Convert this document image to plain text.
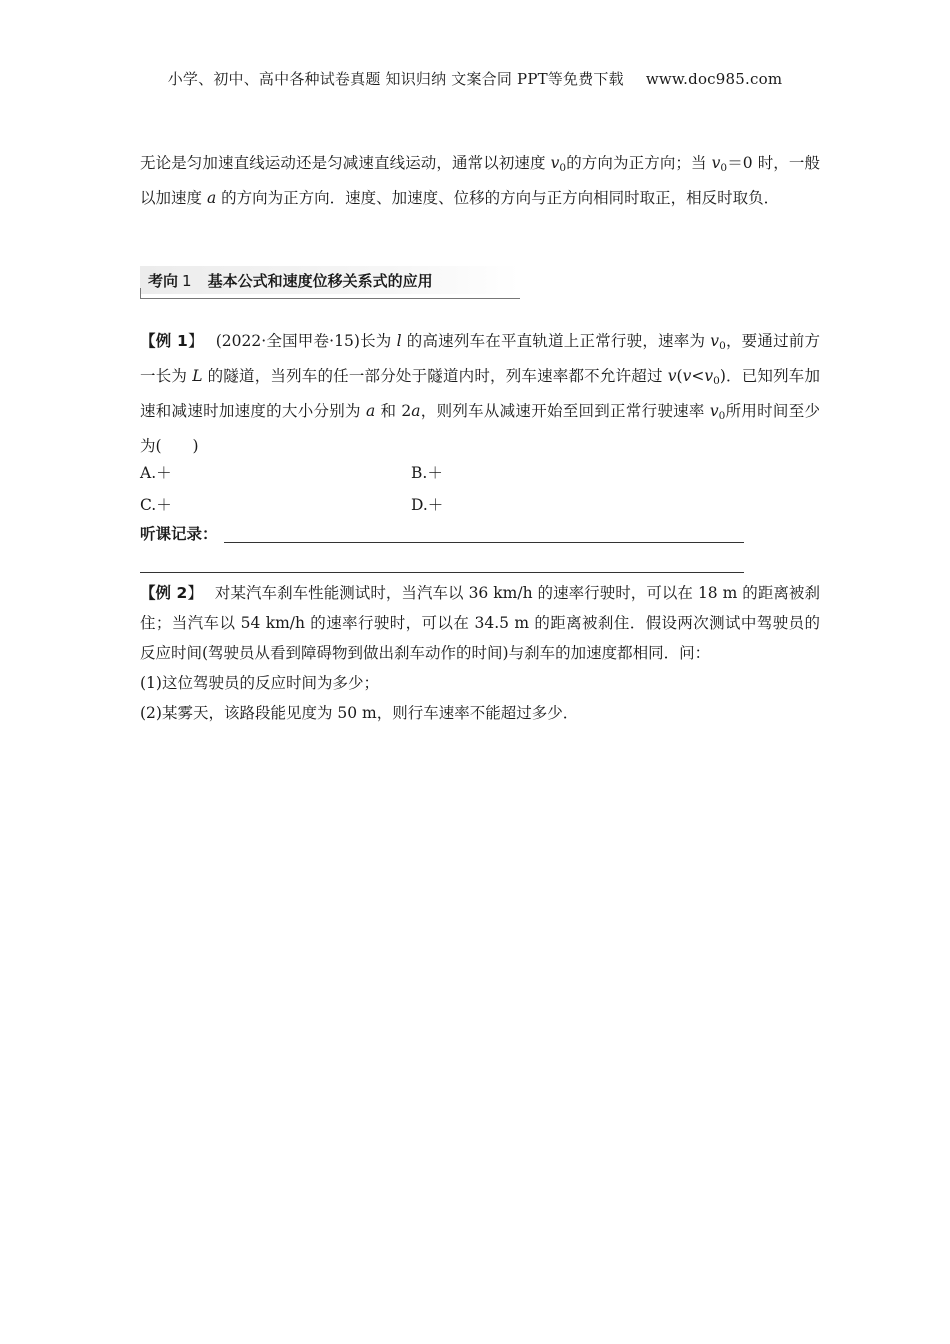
小学、初中、高中各种试卷真题 知识归纳 文案合同 PPT等免费下载 www.doc985.com
无论是匀加速直线运动还是匀减速直线运动，通常以初速度 $v_0$的方向为正方向；当 $v_0=0$ 时，一般以加速度 a 的方向为正方向．速度、加速度、位移的方向与正方向相同时取正，相反时取负．
考向 1 基本公式和速度位移关系式的应用
【例 1】 (2022·全国甲卷·15)长为 l 的高速列车在平直轨道上正常行驶，速率为 $v_0$，要通过前方一长为 L 的隧道，当列车的任一部分处于隧道内时，列车速率都不允许超过 $v(v<v_0)$．已知列车加速和减速时加速度的大小分别为 a 和 2a，则列车从减速开始至回到正常行驶速率 $v_0$所用时间至少为(　　)
A.＋	B.＋
C.＋	D.＋
听课记录：
【例 2】 对某汽车刹车性能测试时，当汽车以 36 km/h 的速率行驶时，可以在 18 m 的距离被刹住；当汽车以 54 km/h 的速率行驶时，可以在 34.5 m 的距离被刹住．假设两次测试中驾驶员的反应时间(驾驶员从看到障碍物到做出刹车动作的时间)与刹车的加速度都相同．问：
(1)这位驾驶员的反应时间为多少；
(2)某雾天，该路段能见度为 50 m，则行车速率不能超过多少．
